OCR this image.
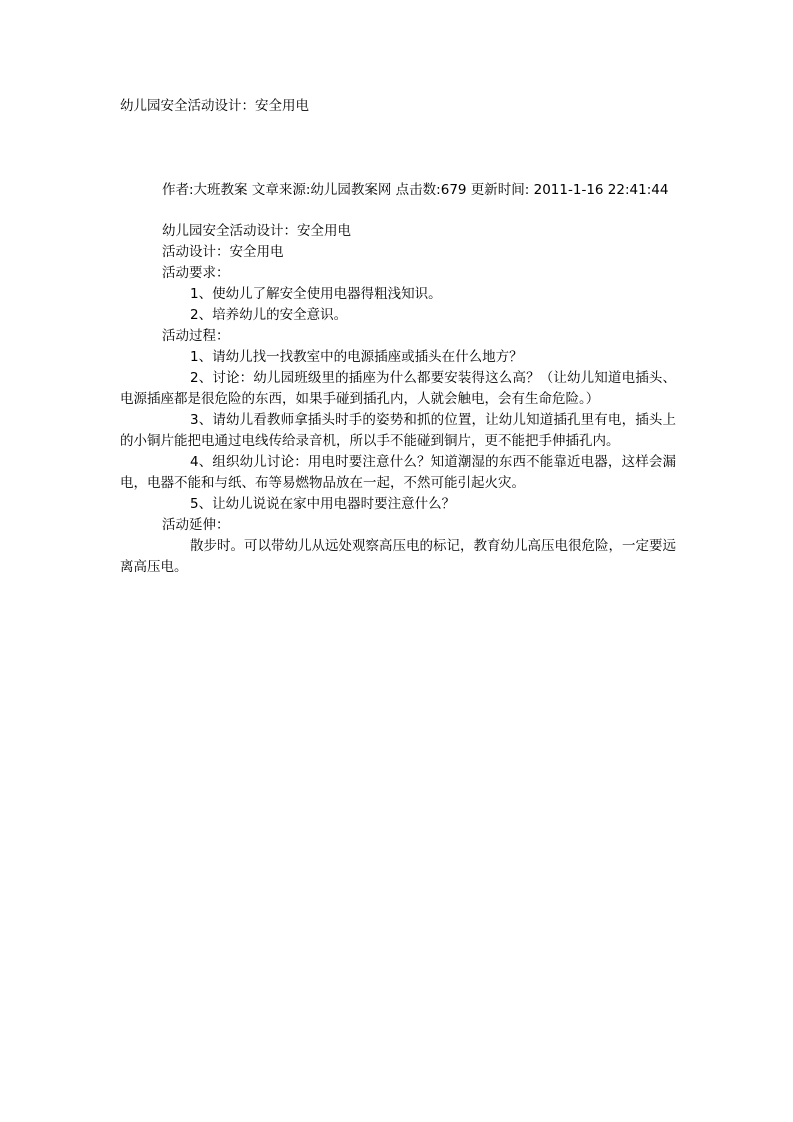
幼儿园安全活动设计：安全用电
作者:大班教案 文章来源:幼儿园教案网 点击数:679 更新时间: 2011-1-16 22:41:44
幼儿园安全活动设计：安全用电
活动设计：安全用电
活动要求：
1、使幼儿了解安全使用电器得粗浅知识。
2、培养幼儿的安全意识。
活动过程：
1、请幼儿找一找教室中的电源插座或插头在什么地方？
2、讨论：幼儿园班级里的插座为什么都要安装得这么高？（让幼儿知道电插头、电源插座都是很危险的东西，如果手碰到插孔内，人就会触电，会有生命危险。）
3、请幼儿看教师拿插头时手的姿势和抓的位置，让幼儿知道插孔里有电，插头上的小铜片能把电通过电线传给录音机，所以手不能碰到铜片，更不能把手伸插孔内。
4、组织幼儿讨论：用电时要注意什么？知道潮湿的东西不能靠近电器，这样会漏电，电器不能和与纸、布等易燃物品放在一起，不然可能引起火灾。
5、让幼儿说说在家中用电器时要注意什么？
活动延伸：
散步时。可以带幼儿从远处观察高压电的标记，教育幼儿高压电很危险，一定要远离高压电。
